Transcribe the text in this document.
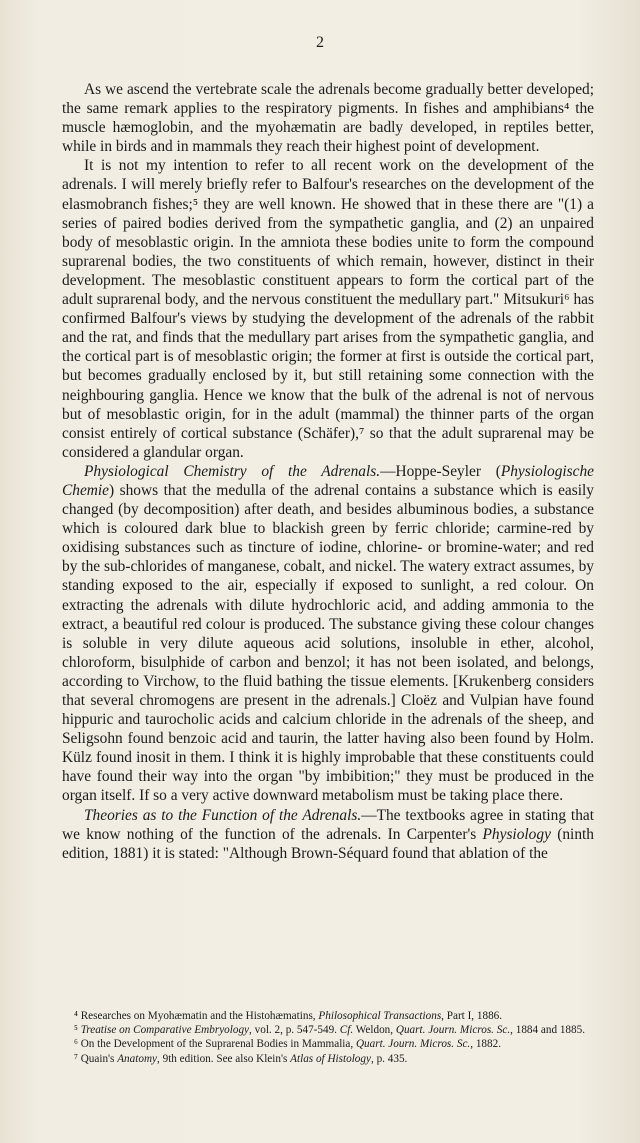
2

As we ascend the vertebrate scale the adrenals become gradually better developed; the same remark applies to the respiratory pigments. In fishes and amphibians⁴ the muscle hæmoglobin, and the myohæmatin are badly developed, in reptiles better, while in birds and in mammals they reach their highest point of development.

It is not my intention to refer to all recent work on the development of the adrenals. I will merely briefly refer to Balfour's researches on the development of the elasmobranch fishes;⁵ they are well known. He showed that in these there are "(1) a series of paired bodies derived from the sympathetic ganglia, and (2) an unpaired body of mesoblastic origin. In the amniota these bodies unite to form the compound suprarenal bodies, the two constituents of which remain, however, distinct in their development. The mesoblastic constituent appears to form the cortical part of the adult suprarenal body, and the nervous constituent the medullary part." Mitsukuri⁶ has confirmed Balfour's views by studying the development of the adrenals of the rabbit and the rat, and finds that the medullary part arises from the sympathetic ganglia, and the cortical part is of mesoblastic origin; the former at first is outside the cortical part, but becomes gradually enclosed by it, but still retaining some connection with the neighbouring ganglia. Hence we know that the bulk of the adrenal is not of nervous but of mesoblastic origin, for in the adult (mammal) the thinner parts of the organ consist entirely of cortical substance (Schäfer),⁷ so that the adult suprarenal may be considered a glandular organ.

Physiological Chemistry of the Adrenals.—Hoppe-Seyler (Physiologische Chemie) shows that the medulla of the adrenal contains a substance which is easily changed (by decomposition) after death, and besides albuminous bodies, a substance which is coloured dark blue to blackish green by ferric chloride; carmine-red by oxidising substances such as tincture of iodine, chlorine- or bromine-water; and red by the sub-chlorides of manganese, cobalt, and nickel. The watery extract assumes, by standing exposed to the air, especially if exposed to sunlight, a red colour. On extracting the adrenals with dilute hydrochloric acid, and adding ammonia to the extract, a beautiful red colour is produced. The substance giving these colour changes is soluble in very dilute aqueous acid solutions, insoluble in ether, alcohol, chloroform, bisulphide of carbon and benzol; it has not been isolated, and belongs, according to Virchow, to the fluid bathing the tissue elements. [Krukenberg considers that several chromogens are present in the adrenals.] Cloëz and Vulpian have found hippuric and taurocholic acids and calcium chloride in the adrenals of the sheep, and Seligsohn found benzoic acid and taurin, the latter having also been found by Holm. Külz found inosit in them. I think it is highly improbable that these constituents could have found their way into the organ "by imbibition;" they must be produced in the organ itself. If so a very active downward metabolism must be taking place there.

Theories as to the Function of the Adrenals.—The textbooks agree in stating that we know nothing of the function of the adrenals. In Carpenter's Physiology (ninth edition, 1881) it is stated: "Although Brown-Séquard found that ablation of the

⁴ Researches on Myohæmatin and the Histohæmatins, Philosophical Transactions, Part I, 1886.

⁵ Treatise on Comparative Embryology, vol. 2, p. 547-549. Cf. Weldon, Quart. Journ. Micros. Sc., 1884 and 1885.

⁶ On the Development of the Suprarenal Bodies in Mammalia, Quart. Journ. Micros. Sc., 1882.

⁷ Quain's Anatomy, 9th edition. See also Klein's Atlas of Histology, p. 435.
